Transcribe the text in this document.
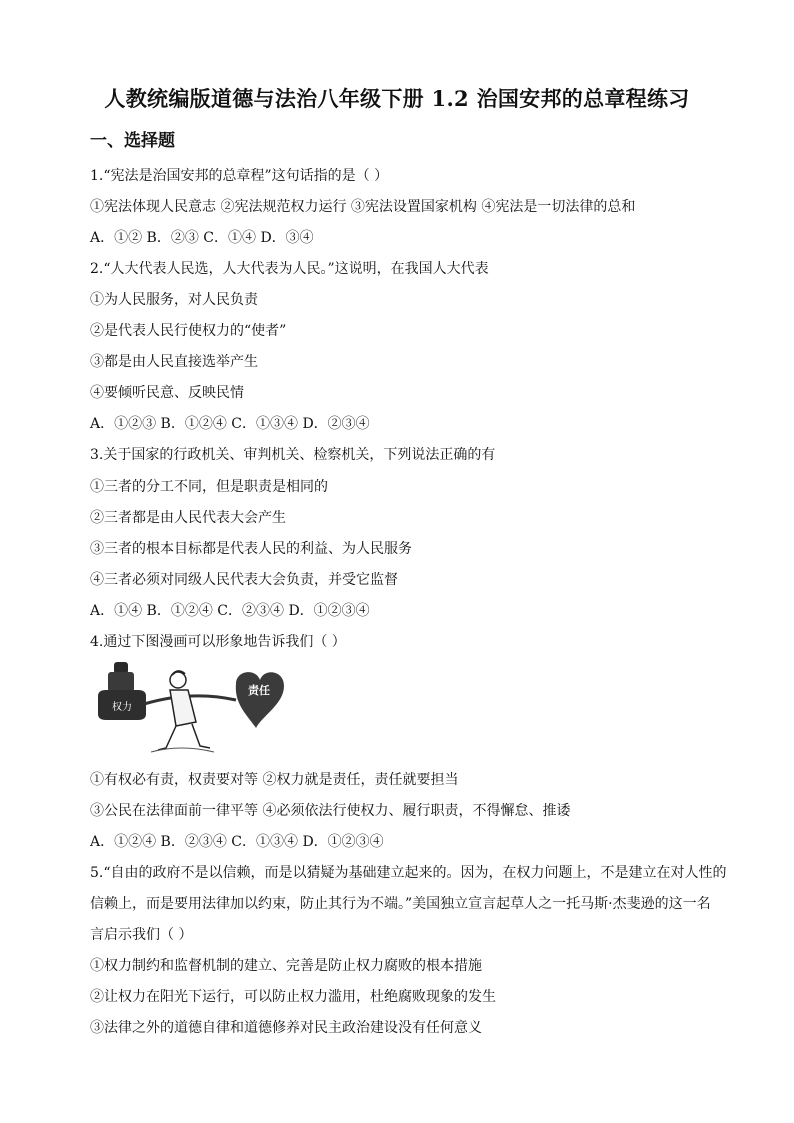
人教统编版道德与法治八年级下册 1.2 治国安邦的总章程练习
一、选择题
1.“宪法是治国安邦的总章程”这句话指的是（ ）
①宪法体现人民意志 ②宪法规范权力运行 ③宪法设置国家机构 ④宪法是一切法律的总和
A．①② B．②③ C．①④ D．③④
2.“人大代表人民选，人大代表为人民。”这说明，在我国人大代表
①为人民服务，对人民负责
②是代表人民行使权力的“使者”
③都是由人民直接选举产生
④要倾听民意、反映民情
A．①②③ B．①②④ C．①③④ D．②③④
3.关于国家的行政机关、审判机关、检察机关，下列说法正确的有
①三者的分工不同，但是职责是相同的
②三者都是由人民代表大会产生
③三者的根本目标都是代表人民的利益、为人民服务
④三者必须对同级人民代表大会负责，并受它监督
A．①④ B．①②④ C．②③④ D．①②③④
4.通过下图漫画可以形象地告诉我们（ ）
权力
责任
①有权必有责，权责要对等 ②权力就是责任，责任就要担当
③公民在法律面前一律平等 ④必须依法行使权力、履行职责，不得懈怠、推诿
A．①②④ B．②③④ C．①③④ D．①②③④
5.“自由的政府不是以信赖，而是以猜疑为基础建立起来的。因为，在权力问题上，不是建立在对人性的
信赖上，而是要用法律加以约束，防止其行为不端。”美国独立宣言起草人之一托马斯·杰斐逊的这一名
言启示我们（ ）
①权力制约和监督机制的建立、完善是防止权力腐败的根本措施
②让权力在阳光下运行，可以防止权力滥用，杜绝腐败现象的发生
③法律之外的道德自律和道德修养对民主政治建设没有任何意义
